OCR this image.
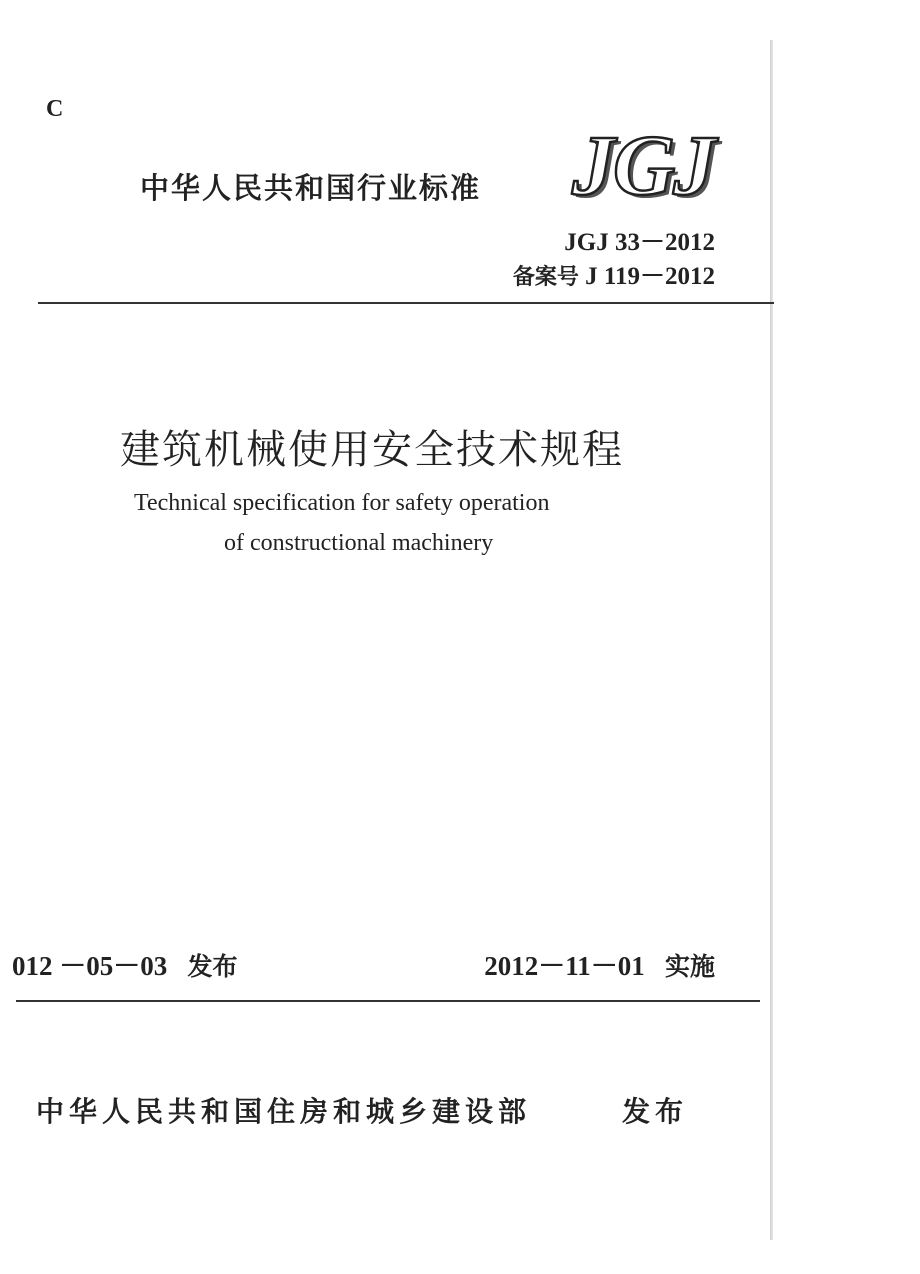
C
中华人民共和国行业标准 JGJ
JGJ 33－2012
备案号 J 119－2012
建筑机械使用安全技术规程
Technical specification for safety operation
of constructional machinery
012 －05－03 发布	2012－11－01 实施
中华人民共和国住房和城乡建设部	发布
